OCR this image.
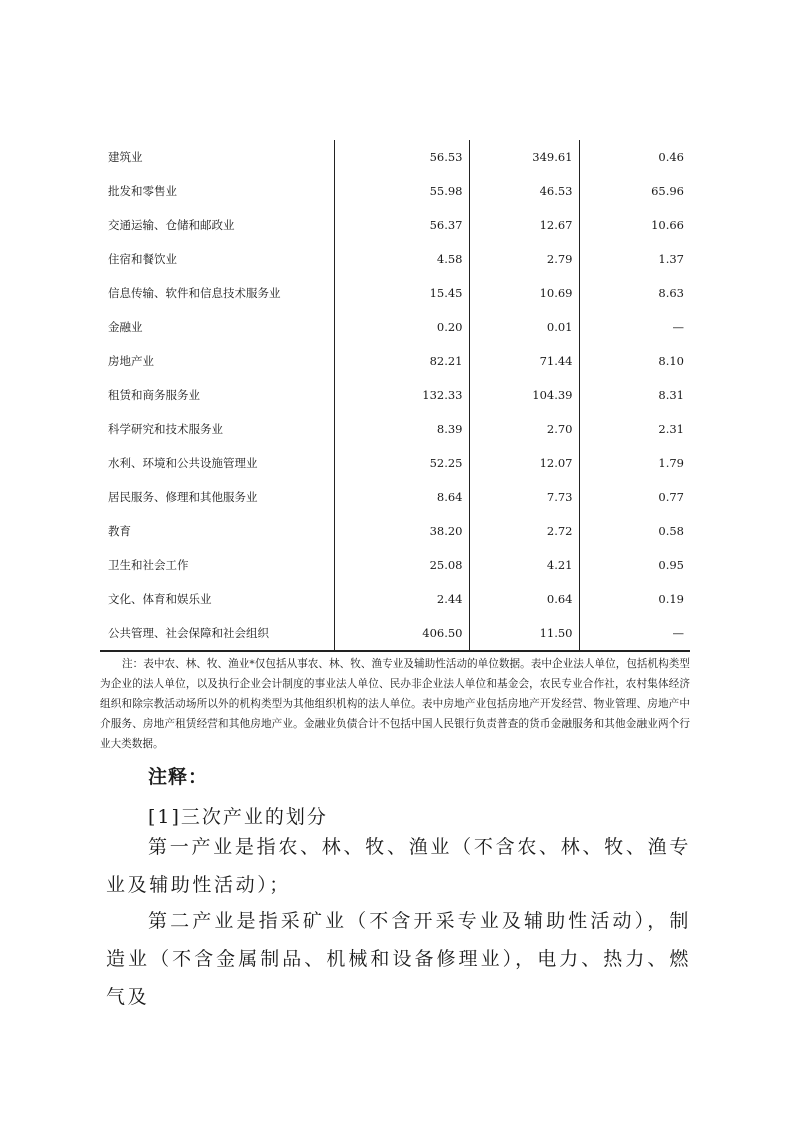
建筑业	56.53	349.61	0.46
批发和零售业	55.98	46.53	65.96
交通运输、仓储和邮政业	56.37	12.67	10.66
住宿和餐饮业	4.58	2.79	1.37
信息传输、软件和信息技术服务业	15.45	10.69	8.63
金融业	0.20	0.01	—
房地产业	82.21	71.44	8.10
租赁和商务服务业	132.33	104.39	8.31
科学研究和技术服务业	8.39	2.70	2.31
水利、环境和公共设施管理业	52.25	12.07	1.79
居民服务、修理和其他服务业	8.64	7.73	0.77
教育	38.20	2.72	0.58
卫生和社会工作	25.08	4.21	0.95
文化、体育和娱乐业	2.44	0.64	0.19
公共管理、社会保障和社会组织	406.50	11.50	—

注：表中农、林、牧、渔业*仅包括从事农、林、牧、渔专业及辅助性活动的单位数据。表中企业法人单位，包括机构类型为企业的法人单位，以及执行企业会计制度的事业法人单位、民办非企业法人单位和基金会，农民专业合作社，农村集体经济组织和除宗教活动场所以外的机构类型为其他组织机构的法人单位。表中房地产业包括房地产开发经营、物业管理、房地产中介服务、房地产租赁经营和其他房地产业。金融业负债合计不包括中国人民银行负责普查的货币金融服务和其他金融业两个行业大类数据。

注释：

[1]三次产业的划分

第一产业是指农、林、牧、渔业（不含农、林、牧、渔专业及辅助性活动）；

第二产业是指采矿业（不含开采专业及辅助性活动），制造业（不含金属制品、机械和设备修理业），电力、热力、燃气及
